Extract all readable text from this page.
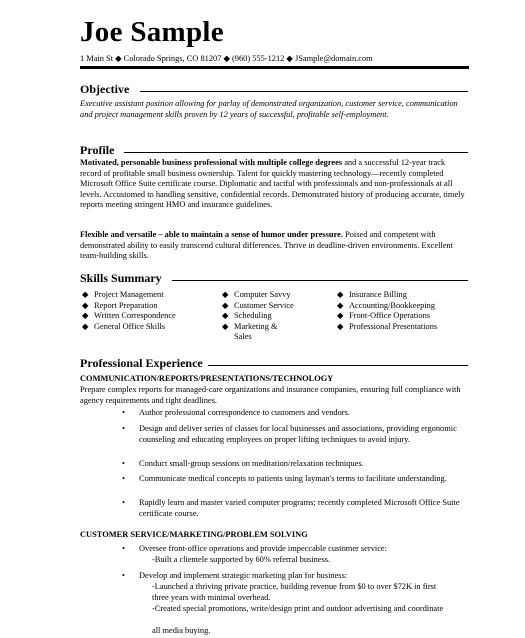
Joe Sample
1 Main St ◆ Colorado Springs, CO 81207 ◆ (960) 555-1212 ◆ JSample@domain.com
Objective
Executive assistant position allowing for parlay of demonstrated organization, customer service, communication and project management skills proven by 12 years of successful, profitable self-employment.
Profile
Motivated, personable business professional with multiple college degrees and a successful 12-year track record of profitable small business ownership. Talent for quickly mastering technology—recently completed Microsoft Office Suite certificate course. Diplomatic and tactful with professionals and non-professionals at all levels. Accustomed to handling sensitive, confidential records. Demonstrated history of producing accurate, timely reports meeting stringent HMO and insurance guidelines.
Flexible and versatile – able to maintain a sense of humor under pressure. Poised and competent with demonstrated ability to easily transcend cultural differences. Thrive in deadline-driven environments. Excellent team-building skills.
Skills Summary
◆ Project Management
◆ Report Preparation
◆ Written Correspondence
◆ General Office Skills
◆ Computer Savvy
◆ Customer Service
◆ Scheduling
◆ Marketing &
Sales
◆ Insurance Billing
◆ Accounting/Bookkeeping
◆ Front-Office Operations
◆ Professional Presentations
Professional Experience
COMMUNICATION/REPORTS/PRESENTATIONS/TECHNOLOGY
Prepare complex reports for managed-care organizations and insurance companies, ensuring full compliance with agency requirements and tight deadlines.
• Author professional correspondence to customers and vendors.
• Design and deliver series of classes for local businesses and associations, providing ergonomic counseling and educating employees on proper lifting techniques to avoid injury.
• Conduct small-group sessions on meditation/relaxation techniques.
• Communicate medical concepts to patients using layman's terms to facilitate understanding.
• Rapidly learn and master varied computer programs; recently completed Microsoft Office Suite certificate course.
CUSTOMER SERVICE/MARKETING/PROBLEM SOLVING
• Oversee front-office operations and provide impeccable customer service:
-Built a clientele supported by 60% referral business.
• Develop and implement strategic marketing plan for business:
-Launched a thriving private practice, building revenue from $0 to over $72K in first three years with minimal overhead.
-Created special promotions, write/design print and outdoor advertising and coordinate
all media buying.
